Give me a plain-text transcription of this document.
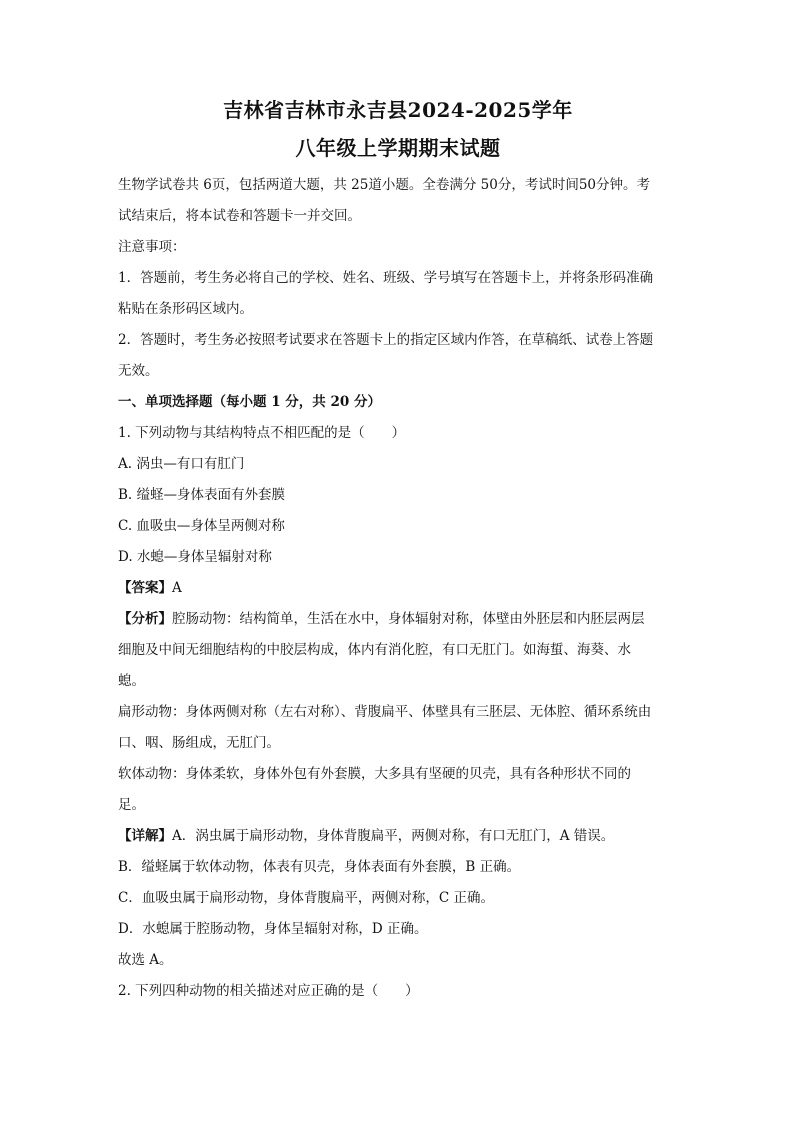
吉林省吉林市永吉县2024-2025学年
八年级上学期期末试题

生物学试卷共 6页，包括两道大题，共 25道小题。全卷满分 50分，考试时间50分钟。考

试结束后，将本试卷和答题卡一并交回。

注意事项：

1．答题前，考生务必将自己的学校、姓名、班级、学号填写在答题卡上，并将条形码准确

粘贴在条形码区域内。

2．答题时，考生务必按照考试要求在答题卡上的指定区域内作答，在草稿纸、试卷上答题

无效。

一、单项选择题（每小题 1 分，共 20 分）

1. 下列动物与其结构特点不相匹配的是（　　）

A. 涡虫—有口有肛门

B. 缢蛏—身体表面有外套膜

C. 血吸虫—身体呈两侧对称

D. 水螅—身体呈辐射对称

【答案】A

【分析】腔肠动物：结构简单，生活在水中，身体辐射对称，体壁由外胚层和内胚层两层

细胞及中间无细胞结构的中胶层构成，体内有消化腔，有口无肛门。如海蜇、海葵、水

螅。

扁形动物：身体两侧对称（左右对称）、背腹扁平、体壁具有三胚层、无体腔、循环系统由

口、咽、肠组成，无肛门。

软体动物：身体柔软，身体外包有外套膜，大多具有坚硬的贝壳，具有各种形状不同的

足。

【详解】A．涡虫属于扁形动物，身体背腹扁平，两侧对称，有口无肛门，A 错误。

B．缢蛏属于软体动物，体表有贝壳，身体表面有外套膜，B 正确。

C．血吸虫属于扁形动物，身体背腹扁平，两侧对称，C 正确。

D．水螅属于腔肠动物，身体呈辐射对称，D 正确。

故选 A。

2. 下列四种动物的相关描述对应正确的是（　　）
